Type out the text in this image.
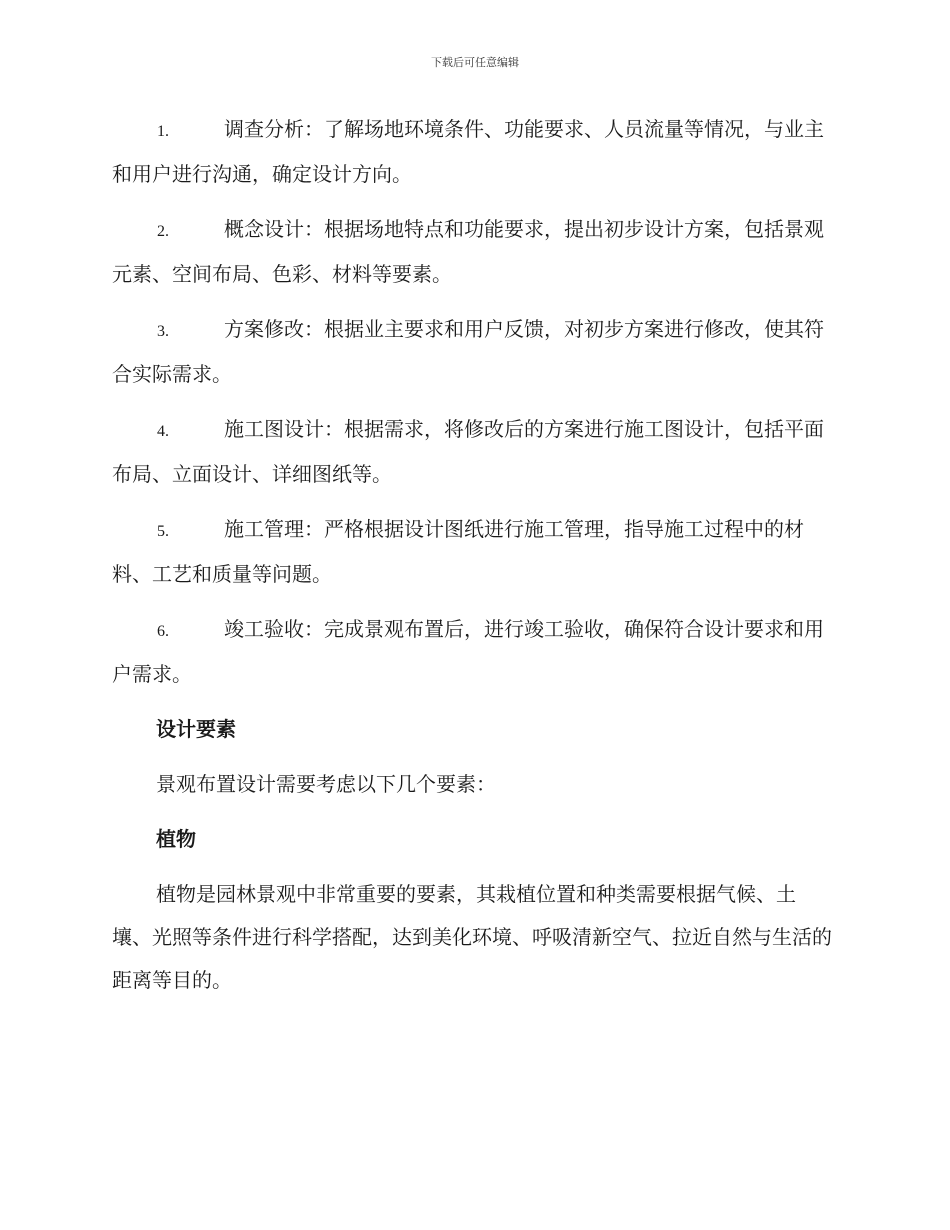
下载后可任意编辑

1.	调查分析：了解场地环境条件、功能要求、人员流量等情况，与业主和用户进行沟通，确定设计方向。

2.	概念设计：根据场地特点和功能要求，提出初步设计方案，包括景观元素、空间布局、色彩、材料等要素。

3.	方案修改：根据业主要求和用户反馈，对初步方案进行修改，使其符合实际需求。

4.	施工图设计：根据需求，将修改后的方案进行施工图设计，包括平面布局、立面设计、详细图纸等。

5.	施工管理：严格根据设计图纸进行施工管理，指导施工过程中的材料、工艺和质量等问题。

6.	竣工验收：完成景观布置后，进行竣工验收，确保符合设计要求和用户需求。

设计要素

景观布置设计需要考虑以下几个要素：

植物

植物是园林景观中非常重要的要素，其栽植位置和种类需要根据气候、土壤、光照等条件进行科学搭配，达到美化环境、呼吸清新空气、拉近自然与生活的距离等目的。
